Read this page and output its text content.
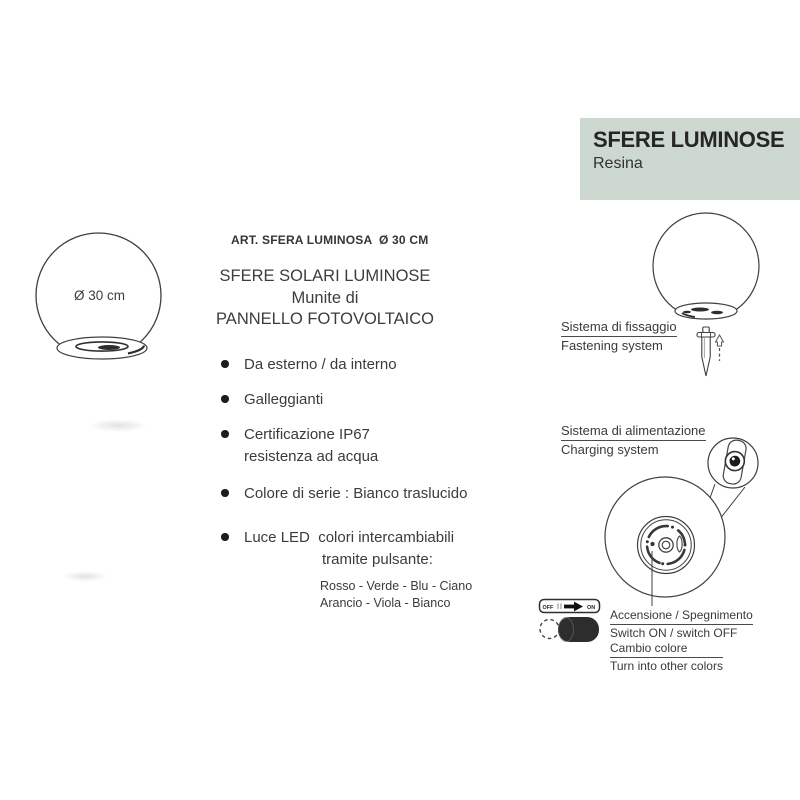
SFERE LUMINOSE
Resina
Ø 30 cm
ART. SFERA LUMINOSA  Ø 30 CM
SFERE SOLARI LUMINOSE
Munite di
PANNELLO FOTOVOLTAICO
Da esterno / da interno
Galleggianti
Certificazione IP67
resistenza ad acqua
Colore di serie : Bianco traslucido
Luce LED  colori intercambiabili
tramite pulsante:
Rosso - Verde - Blu - Ciano
Arancio - Viola - Bianco
Sistema di fissaggio
Fastening system
Sistema di alimentazione
Charging system
OFF	ON
Accensione / Spegnimento
Switch ON / switch OFF
Cambio colore
Turn into other colors
